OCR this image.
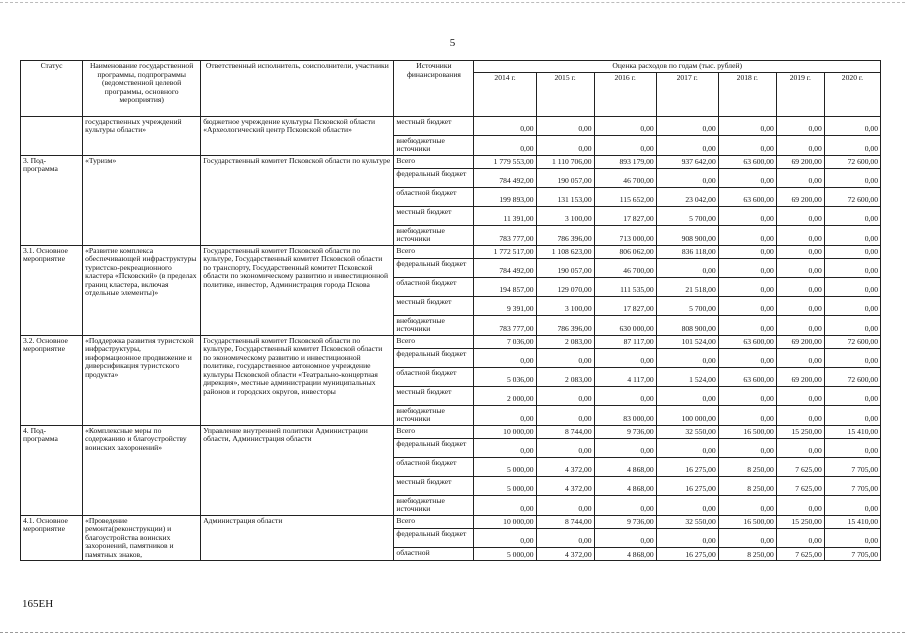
5
Статус	Наименование государственной программы, подпрограммы (ведомственной целевой программы, основного мероприятия)	Ответственный исполнитель, соисполнители, участники	Источники финансирования	Оценка расходов по годам (тыс. рублей)						
				2014 г.	2015 г.	2016 г.	2017 г.	2018 г.	2019 г.	2020 г.
	государственных учреждений культуры области»	бюджетное учреждение культуры Псковской области «Археологический центр Псковской области»	местный бюджет	0,00	0,00	0,00	0,00	0,00	0,00	0,00
			внебюджетные источники	0,00	0,00	0,00	0,00	0,00	0,00	0,00
3. Под-программа	«Туризм»	Государственный комитет Псковской области по культуре	Всего	1 779 553,00	1 110 706,00	893 179,00	937 642,00	63 600,00	69 200,00	72 600,00
			федеральный бюджет	784 492,00	190 057,00	46 700,00	0,00	0,00	0,00	0,00
			областной бюджет	199 893,00	131 153,00	115 652,00	23 042,00	63 600,00	69 200,00	72 600,00
			местный бюджет	11 391,00	3 100,00	17 827,00	5 700,00	0,00	0,00	0,00
			внебюджетные источники	783 777,00	786 396,00	713 000,00	908 900,00	0,00	0,00	0,00
3.1. Основное мероприятие	«Развитие комплекса обеспечивающей инфраструктуры туристско-рекреационного кластера «Псковский» (в пределах границ кластера, включая отдельные элементы)»	Государственный комитет Псковской области по культуре, Государственный комитет Псковской области по транспорту, Государственный комитет Псковской области по экономическому развитию и инвестиционной политике, инвестор, Администрация города Пскова	Всего	1 772 517,00	1 108 623,00	806 062,00	836 118,00	0,00	0,00	0,00
			федеральный бюджет	784 492,00	190 057,00	46 700,00	0,00	0,00	0,00	0,00
			областной бюджет	194 857,00	129 070,00	111 535,00	21 518,00	0,00	0,00	0,00
			местный бюджет	9 391,00	3 100,00	17 827,00	5 700,00	0,00	0,00	0,00
			внебюджетные источники	783 777,00	786 396,00	630 000,00	808 900,00	0,00	0,00	0,00
3.2. Основное мероприятие	«Поддержка развития туристской инфраструктуры, информационное продвижение и диверсификация туристского продукта»	Государственный комитет Псковской области по культуре, Государственный комитет Псковской области по экономическому развитию и инвестиционной политике, государственное автономное учреждение культуры Псковской области «Театрально-концертная дирекция», местные администрации муниципальных районов и городских округов, инвесторы	Всего	7 036,00	2 083,00	87 117,00	101 524,00	63 600,00	69 200,00	72 600,00
			федеральный бюджет	0,00	0,00	0,00	0,00	0,00	0,00	0,00
			областной бюджет	5 036,00	2 083,00	4 117,00	1 524,00	63 600,00	69 200,00	72 600,00
			местный бюджет	2 000,00	0,00	0,00	0,00	0,00	0,00	0,00
			внебюджетные источники	0,00	0,00	83 000,00	100 000,00	0,00	0,00	0,00
4. Под-программа	«Комплексные меры по содержанию и благоустройству воинских захоронений»	Управление внутренней политики Администрации области, Администрация области	Всего	10 000,00	8 744,00	9 736,00	32 550,00	16 500,00	15 250,00	15 410,00
			федеральный бюджет	0,00	0,00	0,00	0,00	0,00	0,00	0,00
			областной бюджет	5 000,00	4 372,00	4 868,00	16 275,00	8 250,00	7 625,00	7 705,00
			местный бюджет	5 000,00	4 372,00	4 868,00	16 275,00	8 250,00	7 625,00	7 705,00
			внебюджетные источники	0,00	0,00	0,00	0,00	0,00	0,00	0,00
4.1. Основное мероприятие	«Проведение ремонта(реконструкции) и благоустройства воинских захоронений, памятников и памятных знаков,	Администрация области	Всего	10 000,00	8 744,00	9 736,00	32 550,00	16 500,00	15 250,00	15 410,00
			федеральный бюджет	0,00	0,00	0,00	0,00	0,00	0,00	0,00
			областной	5 000,00	4 372,00	4 868,00	16 275,00	8 250,00	7 625,00	7 705,00
165ЕН
